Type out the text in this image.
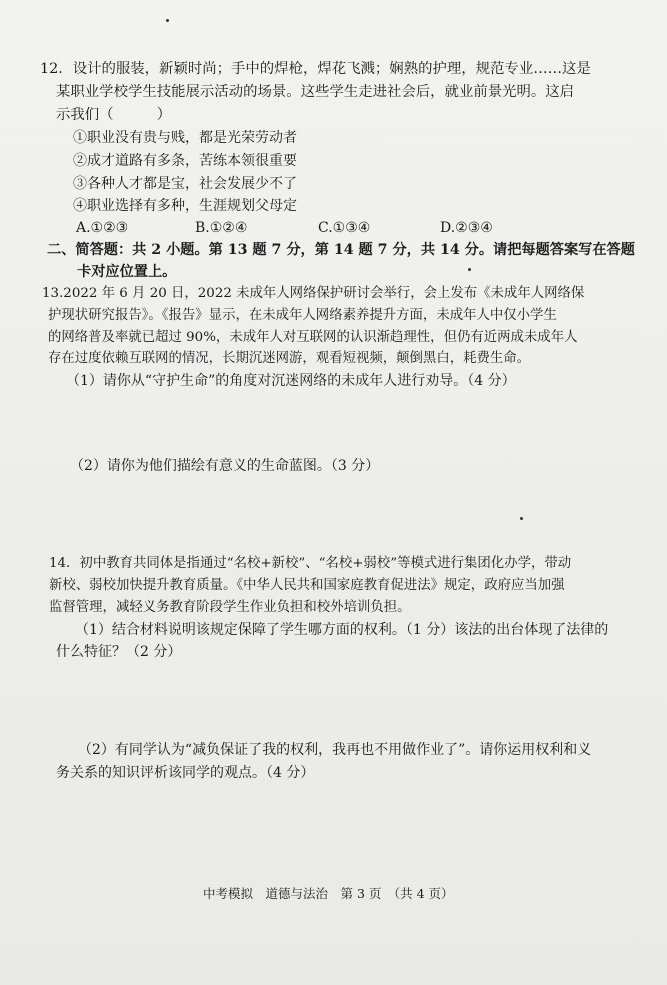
12．设计的服装，新颖时尚；手中的焊枪，焊花飞溅；娴熟的护理，规范专业……这是
某职业学校学生技能展示活动的场景。这些学生走进社会后，就业前景光明。这启
示我们（　　　）
①职业没有贵与贱，都是光荣劳动者
②成才道路有多条，苦练本领很重要
③各种人才都是宝，社会发展少不了
④职业选择有多种，生涯规划父母定
A.①②③	B.①②④	C.①③④	D.②③④
二、简答题：共 2 小题。第 13 题 7 分，第 14 题 7 分，共 14 分。请把每题答案写在答题
卡对应位置上。
13.2022 年 6 月 20 日，2022 未成年人网络保护研讨会举行，会上发布《未成年人网络保
护现状研究报告》。《报告》显示，在未成年人网络素养提升方面，未成年人中仅小学生
的网络普及率就已超过 90%，未成年人对互联网的认识渐趋理性，但仍有近两成未成年人
存在过度依赖互联网的情况，长期沉迷网游，观看短视频，颠倒黑白，耗费生命。
（1）请你从“守护生命”的角度对沉迷网络的未成年人进行劝导。（4 分）
（2）请你为他们描绘有意义的生命蓝图。（3 分）
14．初中教育共同体是指通过“名校+新校”、“名校+弱校”等模式进行集团化办学，带动
新校、弱校加快提升教育质量。《中华人民共和国家庭教育促进法》规定，政府应当加强
监督管理，减轻义务教育阶段学生作业负担和校外培训负担。
（1）结合材料说明该规定保障了学生哪方面的权利。（1 分）该法的出台体现了法律的
什么特征？（2 分）
（2）有同学认为“减负保证了我的权利，我再也不用做作业了”。请你运用权利和义
务关系的知识评析该同学的观点。（4 分）
中考模拟　道德与法治　第 3 页　（共 4 页）
